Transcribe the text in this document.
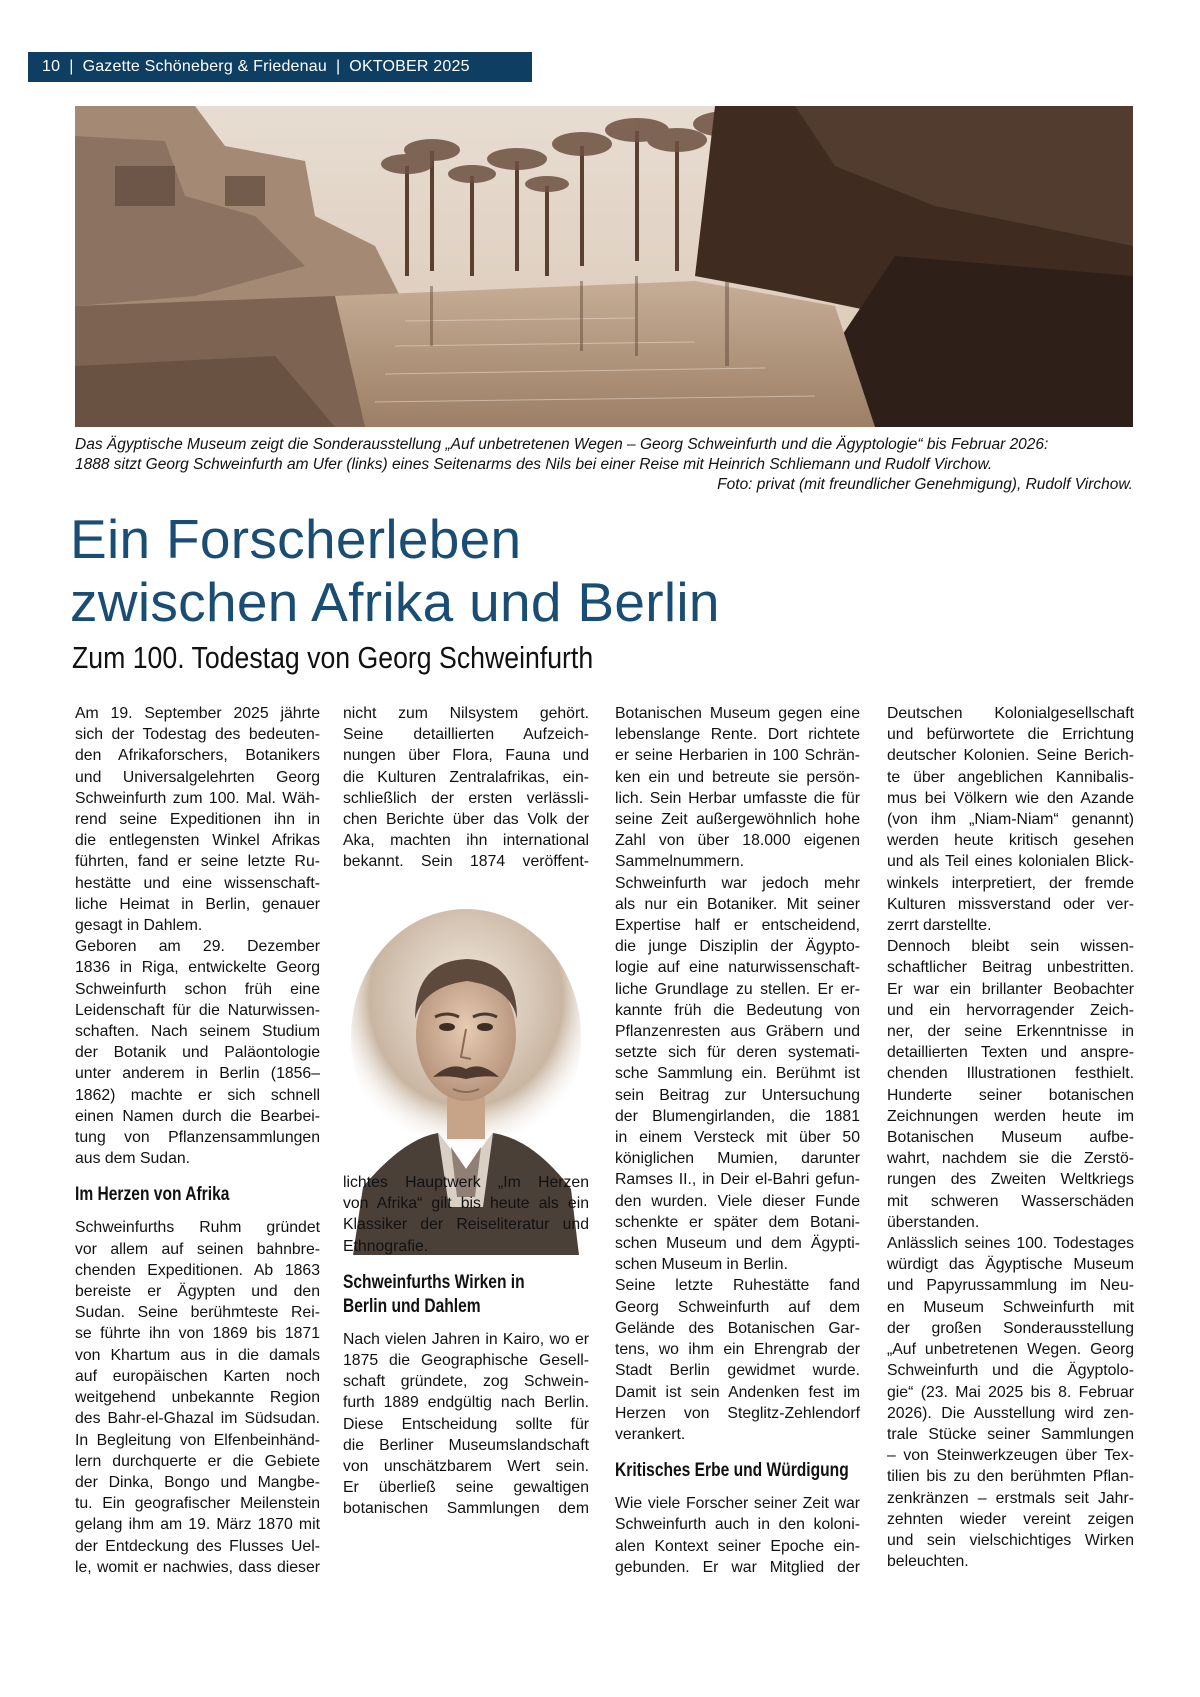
10 | Gazette Schöneberg & Friedenau | OKTOBER 2025

Das Ägyptische Museum zeigt die Sonderausstellung „Auf unbetretenen Wegen – Georg Schweinfurth und die Ägyptologie“ bis Februar 2026:

1888 sitzt Georg Schweinfurth am Ufer (links) eines Seitenarms des Nils bei einer Reise mit Heinrich Schliemann und Rudolf Virchow.

Foto: privat (mit freundlicher Genehmigung), Rudolf Virchow.

Ein Forscherleben
zwischen Afrika und Berlin
Zum 100. Todestag von Georg Schweinfurth

Am 19. September 2025 jährte
sich der Todestag des bedeuten-
den Afrikaforschers, Botanikers
und Universalgelehrten Georg
Schweinfurth zum 100. Mal. Wäh-
rend seine Expeditionen ihn in
die entlegensten Winkel Afrikas
führten, fand er seine letzte Ru-
hestätte und eine wissenschaft-
liche Heimat in Berlin, genauer
gesagt in Dahlem.

Geboren am 29. Dezember
1836 in Riga, entwickelte Georg
Schweinfurth schon früh eine
Leidenschaft für die Naturwissen-
schaften. Nach seinem Studium
der Botanik und Paläontologie
unter anderem in Berlin (1856–
1862) machte er sich schnell
einen Namen durch die Bearbei-
tung von Pflanzensammlungen
aus dem Sudan.

Im Herzen von Afrika

Schweinfurths Ruhm gründet
vor allem auf seinen bahnbre-
chenden Expeditionen. Ab 1863
bereiste er Ägypten und den
Sudan. Seine berühmteste Rei-
se führte ihn von 1869 bis 1871
von Khartum aus in die damals
auf europäischen Karten noch
weitgehend unbekannte Region
des Bahr-el-Ghazal im Südsudan.
In Begleitung von Elfenbeinhänd-
lern durchquerte er die Gebiete
der Dinka, Bongo und Mangbe-
tu. Ein geografischer Meilenstein
gelang ihm am 19. März 1870 mit
der Entdeckung des Flusses Uel-
le, womit er nachwies, dass dieser

nicht zum Nilsystem gehört.
Seine detaillierten Aufzeich-
nungen über Flora, Fauna und
die Kulturen Zentralafrikas, ein-
schließlich der ersten verlässli-
chen Berichte über das Volk der
Aka, machten ihn international
bekannt. Sein 1874 veröffent-

lichtes Hauptwerk „Im Herzen
von Afrika“ gilt bis heute als ein
Klassiker der Reiseliteratur und
Ethnografie.

Schweinfurths Wirken in
Berlin und Dahlem

Nach vielen Jahren in Kairo, wo er
1875 die Geographische Gesell-
schaft gründete, zog Schwein-
furth 1889 endgültig nach Berlin.
Diese Entscheidung sollte für
die Berliner Museumslandschaft
von unschätzbarem Wert sein.
Er überließ seine gewaltigen
botanischen Sammlungen dem

Botanischen Museum gegen eine
lebenslange Rente. Dort richtete
er seine Herbarien in 100 Schrän-
ken ein und betreute sie persön-
lich. Sein Herbar umfasste die für
seine Zeit außergewöhnlich hohe
Zahl von über 18.000 eigenen
Sammelnummern.

Schweinfurth war jedoch mehr
als nur ein Botaniker. Mit seiner
Expertise half er entscheidend,
die junge Disziplin der Ägypto-
logie auf eine naturwissenschaft-
liche Grundlage zu stellen. Er er-
kannte früh die Bedeutung von
Pflanzenresten aus Gräbern und
setzte sich für deren systemati-
sche Sammlung ein. Berühmt ist
sein Beitrag zur Untersuchung
der Blumengirlanden, die 1881
in einem Versteck mit über 50
königlichen Mumien, darunter
Ramses II., in Deir el-Bahri gefun-
den wurden. Viele dieser Funde
schenkte er später dem Botani-
schen Museum und dem Ägypti-
schen Museum in Berlin.

Seine letzte Ruhestätte fand
Georg Schweinfurth auf dem
Gelände des Botanischen Gar-
tens, wo ihm ein Ehrengrab der
Stadt Berlin gewidmet wurde.
Damit ist sein Andenken fest im
Herzen von Steglitz-Zehlendorf
verankert.

Kritisches Erbe und Würdigung

Wie viele Forscher seiner Zeit war
Schweinfurth auch in den koloni-
alen Kontext seiner Epoche ein-
gebunden. Er war Mitglied der

Deutschen Kolonialgesellschaft
und befürwortete die Errichtung
deutscher Kolonien. Seine Berich-
te über angeblichen Kannibalis-
mus bei Völkern wie den Azande
(von ihm „Niam-Niam“ genannt)
werden heute kritisch gesehen
und als Teil eines kolonialen Blick-
winkels interpretiert, der fremde
Kulturen missverstand oder ver-
zerrt darstellte.

Dennoch bleibt sein wissen-
schaftlicher Beitrag unbestritten.
Er war ein brillanter Beobachter
und ein hervorragender Zeich-
ner, der seine Erkenntnisse in
detaillierten Texten und anspre-
chenden Illustrationen festhielt.
Hunderte seiner botanischen
Zeichnungen werden heute im
Botanischen Museum aufbe-
wahrt, nachdem sie die Zerstö-
rungen des Zweiten Weltkriegs
mit schweren Wasserschäden
überstanden.

Anlässlich seines 100. Todestages
würdigt das Ägyptische Museum
und Papyrussammlung im Neu-
en Museum Schweinfurth mit
der großen Sonderausstellung
„Auf unbetretenen Wegen. Georg
Schweinfurth und die Ägyptolo-
gie“ (23. Mai 2025 bis 8. Februar
2026). Die Ausstellung wird zen-
trale Stücke seiner Sammlungen
– von Steinwerkzeugen über Tex-
tilien bis zu den berühmten Pflan-
zenkränzen – erstmals seit Jahr-
zehnten wieder vereint zeigen
und sein vielschichtiges Wirken
beleuchten.
